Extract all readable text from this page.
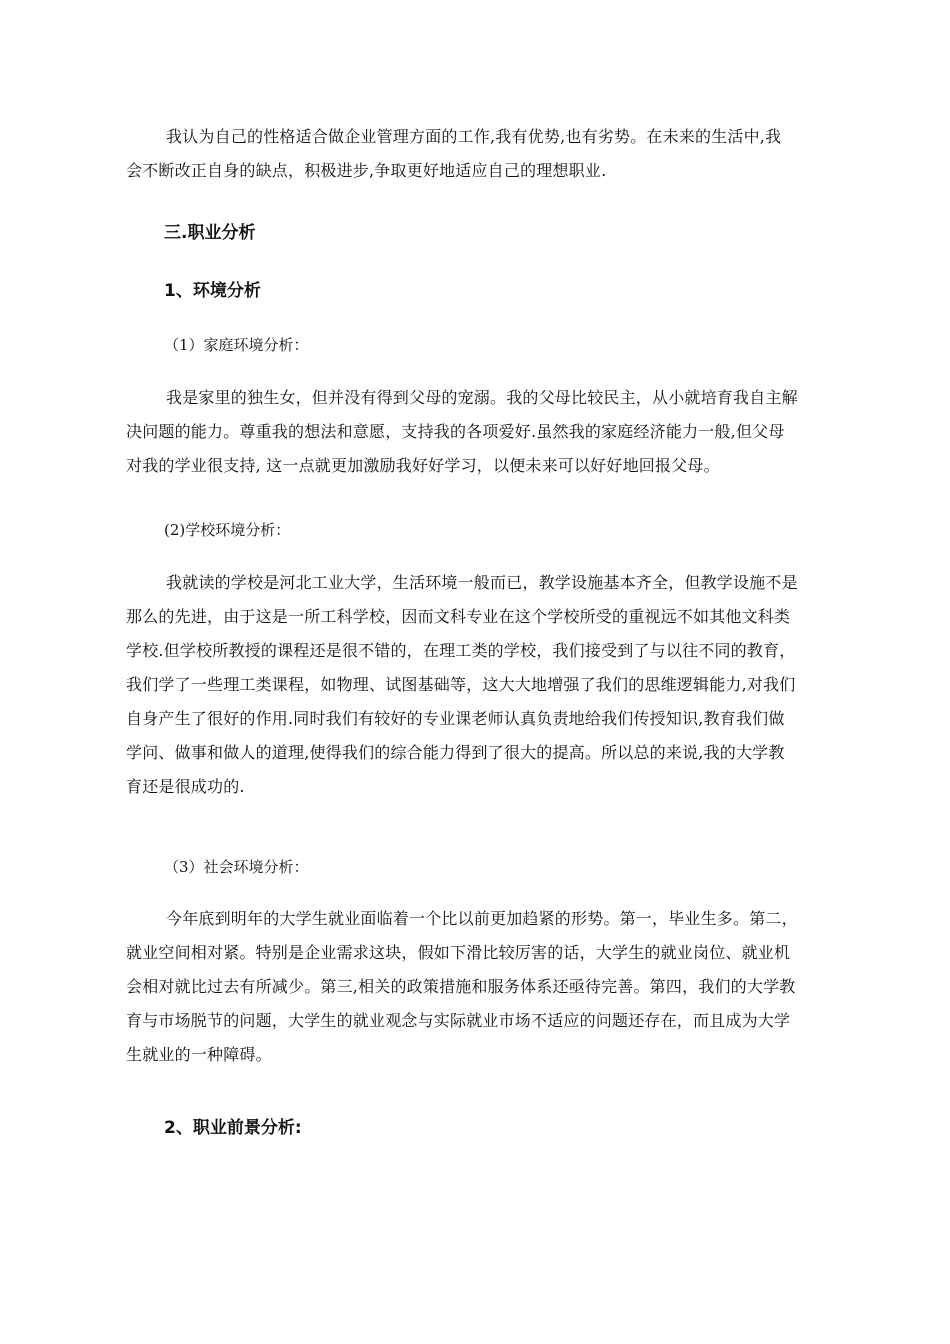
我认为自己的性格适合做企业管理方面的工作,我有优势,也有劣势。在未来的生活中,我
会不断改正自身的缺点，积极进步,争取更好地适应自己的理想职业.
三.职业分析
1、环境分析
（1）家庭环境分析：
我是家里的独生女，但并没有得到父母的宠溺。我的父母比较民主，从小就培育我自主解
决问题的能力。尊重我的想法和意愿，支持我的各项爱好.虽然我的家庭经济能力一般,但父母
对我的学业很支持, 这一点就更加激励我好好学习，以便未来可以好好地回报父母。
(2)学校环境分析：
我就读的学校是河北工业大学，生活环境一般而已，教学设施基本齐全，但教学设施不是
那么的先进，由于这是一所工科学校，因而文科专业在这个学校所受的重视远不如其他文科类
学校.但学校所教授的课程还是很不错的，在理工类的学校，我们接受到了与以往不同的教育，
我们学了一些理工类课程，如物理、试图基础等，这大大地增强了我们的思维逻辑能力,对我们
自身产生了很好的作用.同时我们有较好的专业课老师认真负责地给我们传授知识,教育我们做
学问、做事和做人的道理,使得我们的综合能力得到了很大的提高。所以总的来说,我的大学教
育还是很成功的.
（3）社会环境分析：
今年底到明年的大学生就业面临着一个比以前更加趋紧的形势。第一，毕业生多。第二，
就业空间相对紧。特别是企业需求这块，假如下滑比较厉害的话，大学生的就业岗位、就业机
会相对就比过去有所减少。第三,相关的政策措施和服务体系还亟待完善。第四，我们的大学教
育与市场脱节的问题，大学生的就业观念与实际就业市场不适应的问题还存在，而且成为大学
生就业的一种障碍。
2、职业前景分析:
